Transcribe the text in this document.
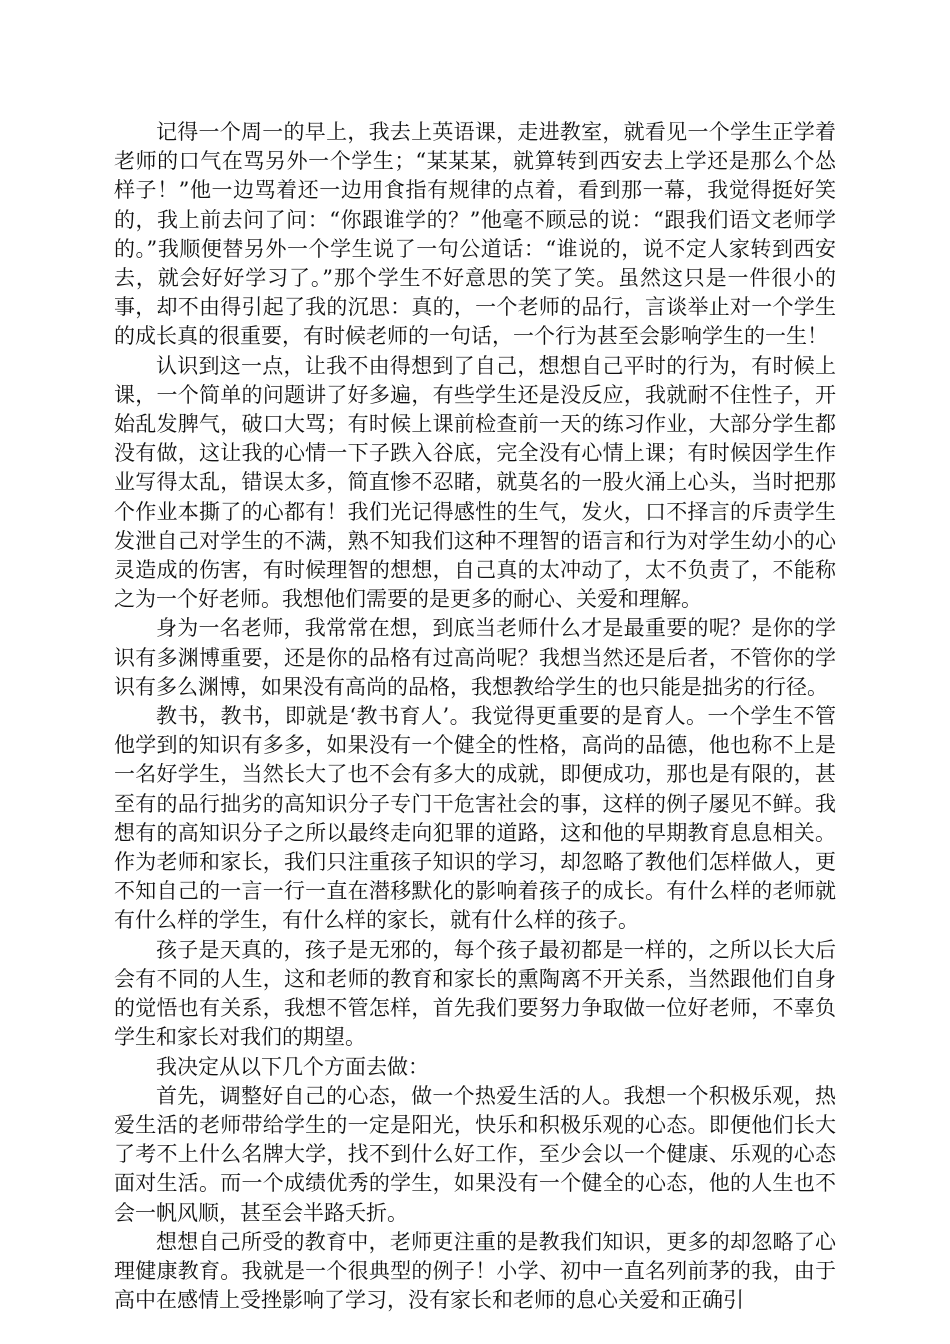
记得一个周一的早上，我去上英语课，走进教室，就看见一个学生正学着老师的口气在骂另外一个学生；“某某某，就算转到西安去上学还是那么个怂样子！”他一边骂着还一边用食指有规律的点着，看到那一幕，我觉得挺好笑的，我上前去问了问：“你跟谁学的？”他毫不顾忌的说：“跟我们语文老师学的。”我顺便替另外一个学生说了一句公道话：“谁说的，说不定人家转到西安去，就会好好学习了。”那个学生不好意思的笑了笑。虽然这只是一件很小的事，却不由得引起了我的沉思：真的，一个老师的品行，言谈举止对一个学生的成长真的很重要，有时候老师的一句话，一个行为甚至会影响学生的一生！

认识到这一点，让我不由得想到了自己，想想自己平时的行为，有时候上课，一个简单的问题讲了好多遍，有些学生还是没反应，我就耐不住性子，开始乱发脾气，破口大骂；有时候上课前检查前一天的练习作业，大部分学生都没有做，这让我的心情一下子跌入谷底，完全没有心情上课；有时候因学生作业写得太乱，错误太多，简直惨不忍睹，就莫名的一股火涌上心头，当时把那个作业本撕了的心都有！我们光记得感性的生气，发火，口不择言的斥责学生发泄自己对学生的不满，熟不知我们这种不理智的语言和行为对学生幼小的心灵造成的伤害，有时候理智的想想，自己真的太冲动了，太不负责了，不能称之为一个好老师。我想他们需要的是更多的耐心、关爱和理解。

身为一名老师，我常常在想，到底当老师什么才是最重要的呢？是你的学识有多渊博重要，还是你的品格有过高尚呢？我想当然还是后者，不管你的学识有多么渊博，如果没有高尚的品格，我想教给学生的也只能是拙劣的行径。

教书，教书，即就是‘教书育人’。我觉得更重要的是育人。一个学生不管他学到的知识有多多，如果没有一个健全的性格，高尚的品德，他也称不上是一名好学生，当然长大了也不会有多大的成就，即便成功，那也是有限的，甚至有的品行拙劣的高知识分子专门干危害社会的事，这样的例子屡见不鲜。我想有的高知识分子之所以最终走向犯罪的道路，这和他的早期教育息息相关。作为老师和家长，我们只注重孩子知识的学习，却忽略了教他们怎样做人，更不知自己的一言一行一直在潜移默化的影响着孩子的成长。有什么样的老师就有什么样的学生，有什么样的家长，就有什么样的孩子。

孩子是天真的，孩子是无邪的，每个孩子最初都是一样的，之所以长大后会有不同的人生，这和老师的教育和家长的熏陶离不开关系，当然跟他们自身的觉悟也有关系，我想不管怎样，首先我们要努力争取做一位好老师，不辜负学生和家长对我们的期望。

我决定从以下几个方面去做：

首先，调整好自己的心态，做一个热爱生活的人。我想一个积极乐观，热爱生活的老师带给学生的一定是阳光，快乐和积极乐观的心态。即便他们长大了考不上什么名牌大学，找不到什么好工作，至少会以一个健康、乐观的心态面对生活。而一个成绩优秀的学生，如果没有一个健全的心态，他的人生也不会一帆风顺，甚至会半路夭折。

想想自己所受的教育中，老师更注重的是教我们知识，更多的却忽略了心理健康教育。我就是一个很典型的例子！小学、初中一直名列前茅的我，由于高中在感情上受挫影响了学习，没有家长和老师的息心关爱和正确引
